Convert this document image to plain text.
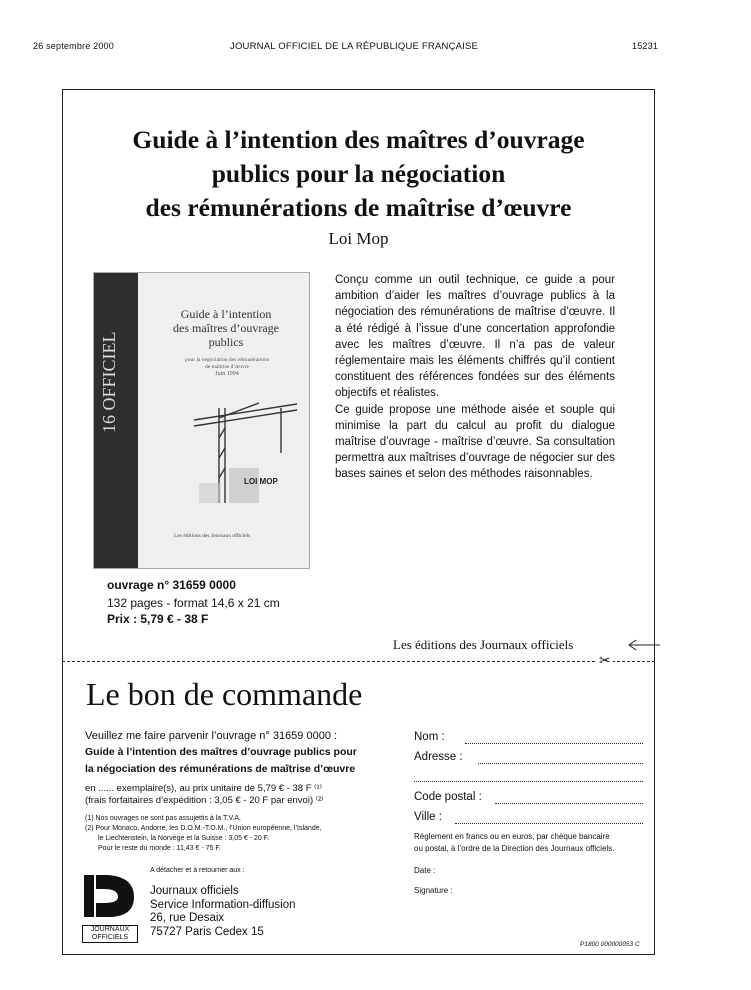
26 septembre 2000	JOURNAL OFFICIEL DE LA RÉPUBLIQUE FRANÇAISE	15231
Guide à l’intention des maîtres d’ouvrage
publics pour la négociation
des rémunérations de maîtrise d’œuvre
Loi Mop
16 OFFICIEL
Guide à l’intention
des maîtres d’ouvrage
publics
pour la négociation des rémunérations
de maîtrise d’œuvre
Juin 1994
LOI MOP
Les éditions des Journaux officiels

Conçu comme un outil technique, ce guide a pour ambition d’aider les maîtres d’ouvrage publics à la négociation des rémunérations de maîtrise d’œuvre. Il a été rédigé à l’issue d’une concertation approfondie avec les maîtres d’œuvre. Il n’a pas de valeur réglementaire mais les éléments chiffrés qu’il contient constituent des références fondées sur des éléments objectifs et réalistes.

Ce guide propose une méthode aisée et souple qui minimise la part du calcul au profit du dialogue maîtrise d’ouvrage - maîtrise d’œuvre. Sa consultation permettra aux maîtrises d’ouvrage de négocier sur des bases saines et selon des méthodes raisonnables.

ouvrage n° 31659 0000
132 pages - format 14,6 x 21 cm
Prix : 5,79 € - 38 F
Les éditions des Journaux officiels
✂
Le bon de commande
Veuillez me faire parvenir l’ouvrage n° 31659 0000 :
Guide à l’intention des maîtres d’ouvrage publics pour
la négociation des rémunérations de maîtrise d’œuvre
en ...... exemplaire(s), au prix unitaire de 5,79 € - 38 F ⁽¹⁾
(frais forfaitaires d’expédition : 3,05 € - 20 F par envoi) ⁽²⁾
(1) Nos ouvrages ne sont pas assujettis à la T.V.A.
(2) Pour Monaco, Andorre, les D.O.M.-T.O.M., l’Union européenne, l’Islande,
le Liechtenstein, la Norvège et la Suisse : 3,05 € - 20 F.
Pour le reste du monde : 11,43 € - 75 F.
A détacher et à retourner aux :
JOURNAUX
OFFICIELS
Journaux officiels
Service Information-diffusion
26, rue Desaix
75727 Paris Cedex 15
Nom :
Adresse :
Code postal :
Ville :
Règlement en francs ou en euros, par chèque bancaire
ou postal, à l’ordre de la Direction des Journaux officiels.
Date :
Signature :
P1800 000000053 C
